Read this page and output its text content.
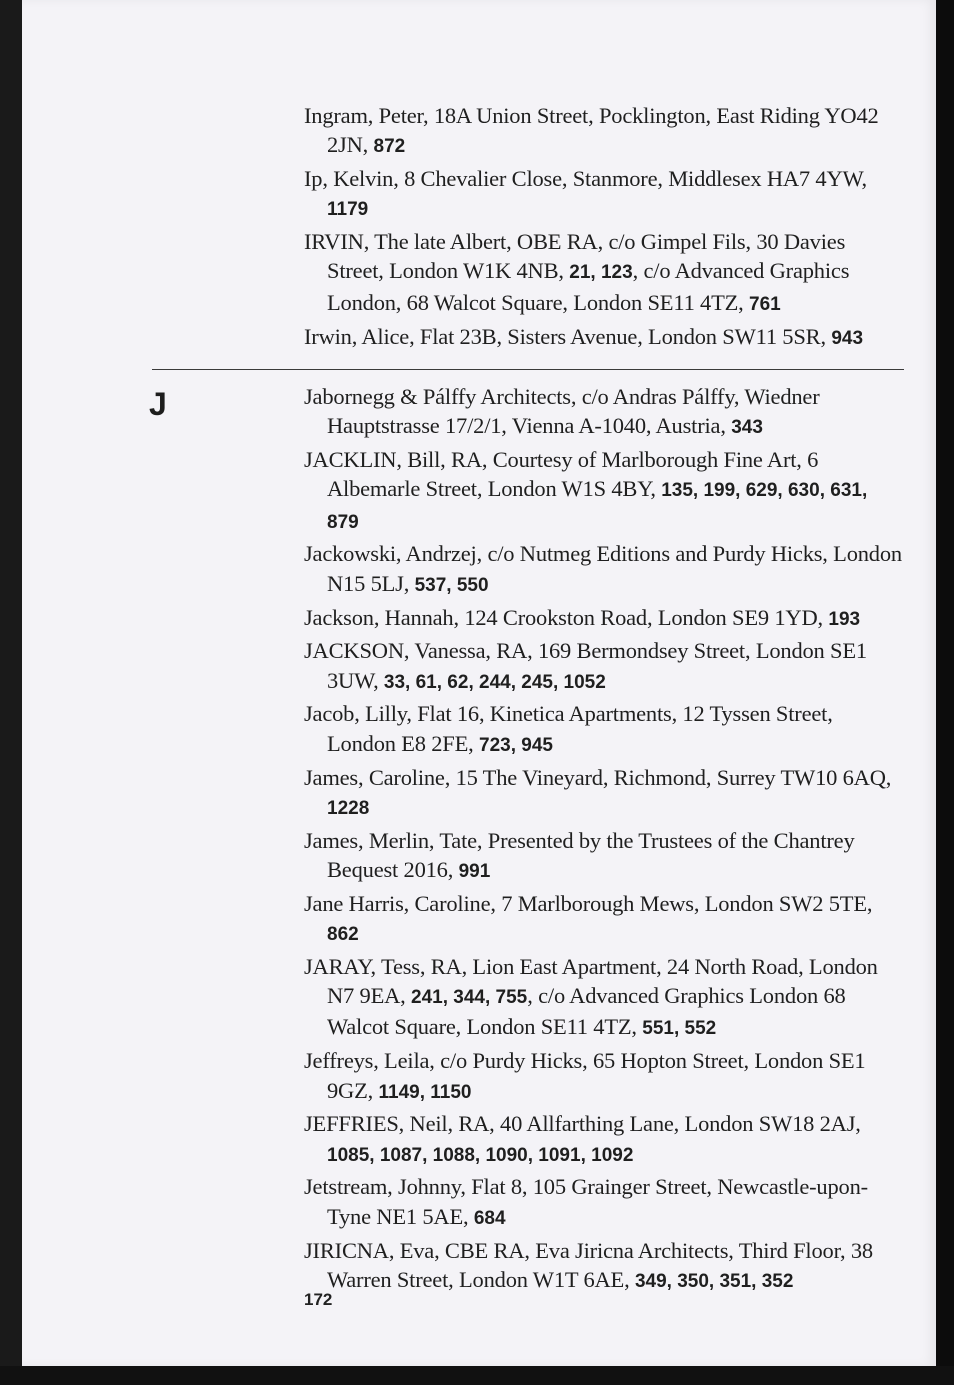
J

Ingram, Peter, 18A Union Street, Pocklington, East Riding YO42 2JN, 872

Ip, Kelvin, 8 Chevalier Close, Stanmore, Middlesex HA7 4YW, 1179

IRVIN, The late Albert, OBE RA, c/o Gimpel Fils, 30 Davies Street, London W1K 4NB, 21, 123, c/o Advanced Graphics London, 68 Walcot Square, London SE11 4TZ, 761

Irwin, Alice, Flat 23B, Sisters Avenue, London SW11 5SR, 943

Jabornegg & Pálffy Architects, c/o Andras Pálffy, Wiedner Hauptstrasse 17/2/1, Vienna A-1040, Austria, 343

JACKLIN, Bill, RA, Courtesy of Marlborough Fine Art, 6 Albemarle Street, London W1S 4BY, 135, 199, 629, 630, 631, 879

Jackowski, Andrzej, c/o Nutmeg Editions and Purdy Hicks, London N15 5LJ, 537, 550

Jackson, Hannah, 124 Crookston Road, London SE9 1YD, 193

JACKSON, Vanessa, RA, 169 Bermondsey Street, London SE1 3UW, 33, 61, 62, 244, 245, 1052

Jacob, Lilly, Flat 16, Kinetica Apartments, 12 Tyssen Street, London E8 2FE, 723, 945

James, Caroline, 15 The Vineyard, Richmond, Surrey TW10 6AQ, 1228

James, Merlin, Tate, Presented by the Trustees of the Chantrey Bequest 2016, 991

Jane Harris, Caroline, 7 Marlborough Mews, London SW2 5TE, 862

JARAY, Tess, RA, Lion East Apartment, 24 North Road, London N7 9EA, 241, 344, 755, c/o Advanced Graphics London 68 Walcot Square, London SE11 4TZ, 551, 552

Jeffreys, Leila, c/o Purdy Hicks, 65 Hopton Street, London SE1 9GZ, 1149, 1150

JEFFRIES, Neil, RA, 40 Allfarthing Lane, London SW18 2AJ, 1085, 1087, 1088, 1090, 1091, 1092

Jetstream, Johnny, Flat 8, 105 Grainger Street, Newcastle-upon-Tyne NE1 5AE, 684

JIRICNA, Eva, CBE RA, Eva Jiricna Architects, Third Floor, 38 Warren Street, London W1T 6AE, 349, 350, 351, 352

172
